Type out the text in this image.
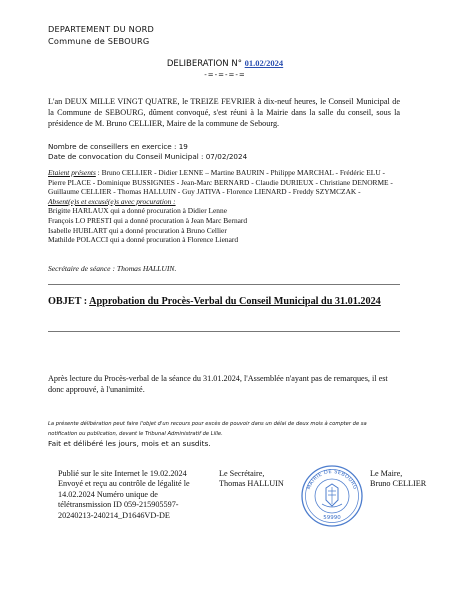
DEPARTEMENT DU NORD
Commune de SEBOURG
DELIBERATION N° 01.02/2024
-=-=-=-=
L'an DEUX MILLE VINGT QUATRE, le TREIZE FEVRIER à dix-neuf heures, le Conseil Municipal de la Commune de SEBOURG, dûment convoqué, s'est réuni à la Mairie dans la salle du conseil, sous la présidence de M. Bruno CELLIER, Maire de la commune de Sebourg.
Nombre de conseillers en exercice : 19
Date de convocation du Conseil Municipal : 07/02/2024
Etaient présents : Bruno CELLIER - Didier LENNE – Martine BAURIN - Philippe MARCHAL - Frédéric ELU - Pierre PLACE - Dominique BUSSIGNIES - Jean-Marc BERNARD - Claudie DURIEUX - Christiane DENORME - Guillaume CELLIER - Thomas HALLUIN - Guy JATIVA - Florence LIENARD - Freddy SZYMCZAK -
Absent(e)s et excusé(e)s avec procuration :
Brigitte HARLAUX qui a donné procuration à Didier Lenne
François LO PRESTI qui a donné procuration à Jean Marc Bernard
Isabelle HUBLART qui a donné procuration à Bruno Cellier
Mathilde POLACCI qui a donné procuration à Florence Lienard
Secrétaire de séance : Thomas HALLUIN.
OBJET : Approbation du Procès-Verbal du Conseil Municipal du 31.01.2024
Après lecture du Procès-verbal de la séance du 31.01.2024, l'Assemblée n'ayant pas de remarques, il est donc approuvé, à l'unanimité.
La présente délibération peut faire l'objet d'un recours pour excès de pouvoir dans un délai de deux mois à compter de sa notification ou publication, devant le Tribunal Administratif de Lille.
Fait et délibéré les jours, mois et an susdits.
Publié sur le site Internet le 19.02.2024 Envoyé et reçu au contrôle de légalité le 14.02.2024 Numéro unique de télétransmission ID 059-215905597-20240213-240214_D1646VD-DE
Le Secrétaire,
Thomas HALLUIN
Le Maire,
Bruno CELLIER
MAIRIE DE SEBOURG
59990
